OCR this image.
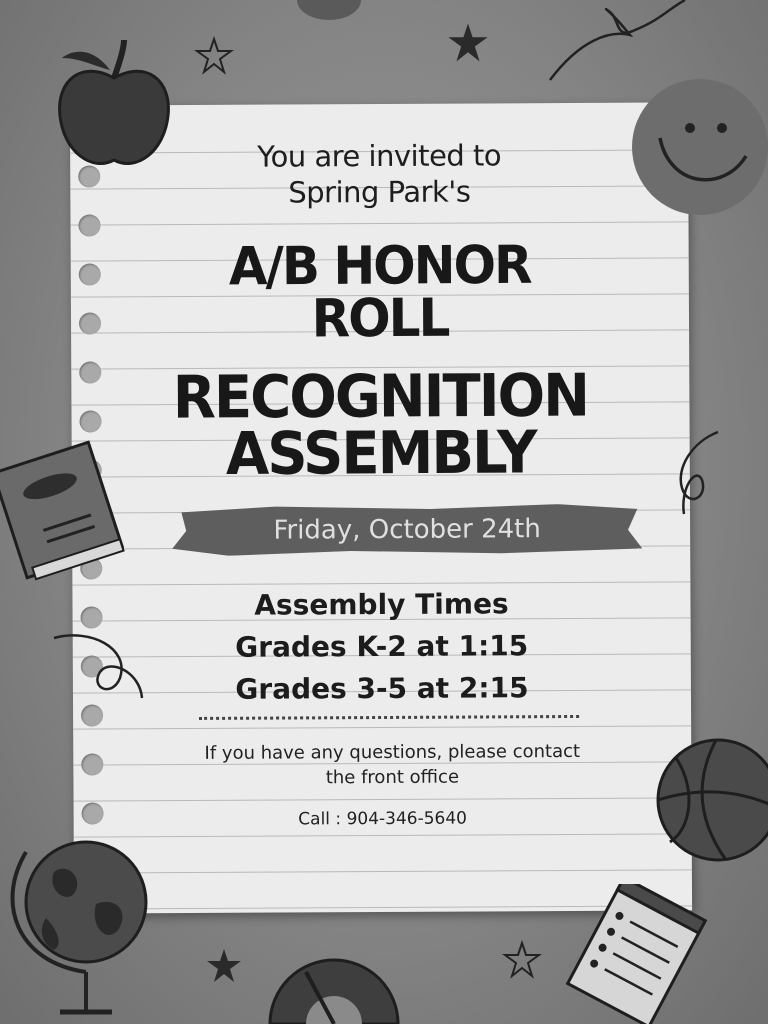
You are invited to
Spring Park's
A/B HONOR
ROLL
RECOGNITION
ASSEMBLY
Friday, October 24th
Assembly Times
Grades K-2 at 1:15
Grades 3-5 at 2:15
If you have any questions, please contact
the front office
Call : 904-346-5640
